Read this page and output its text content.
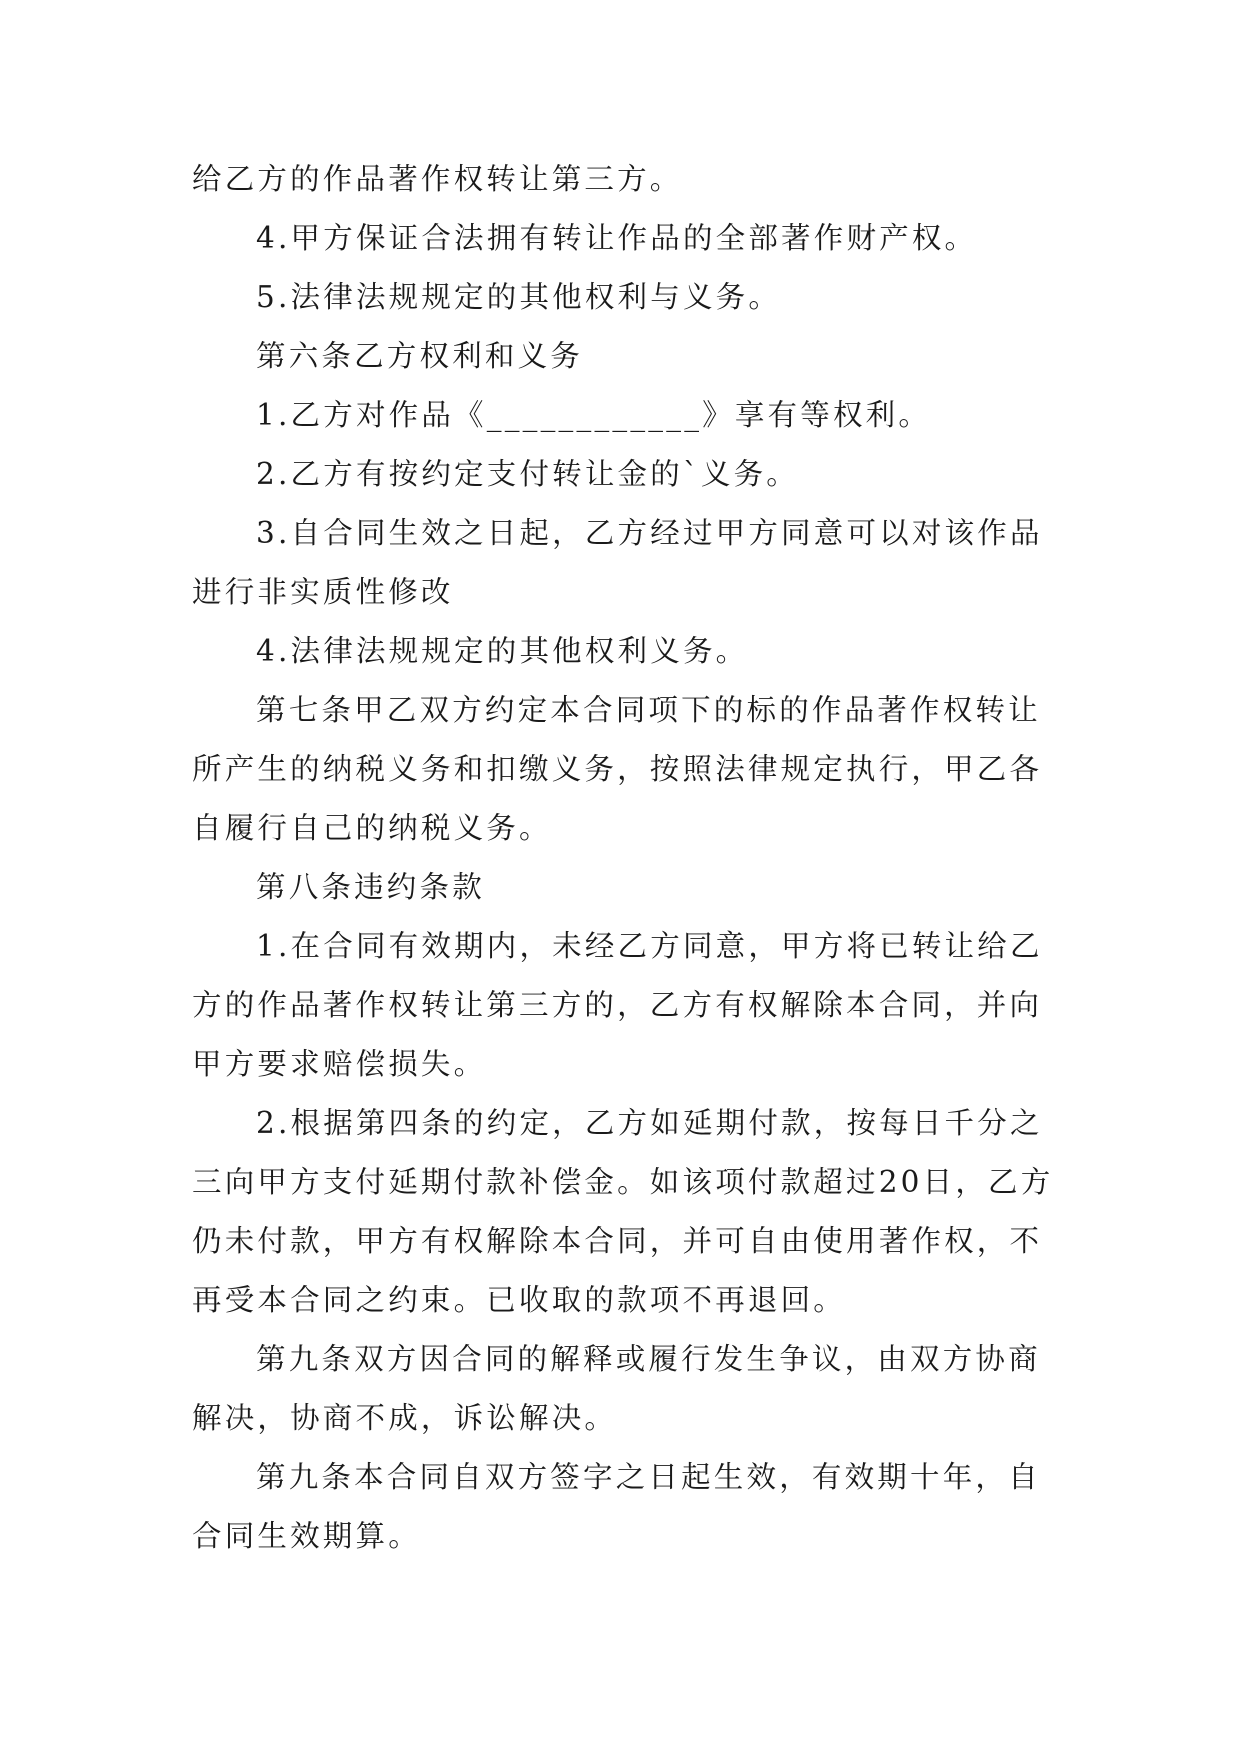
给乙方的作品著作权转让第三方。

4.甲方保证合法拥有转让作品的全部著作财产权。

5.法律法规规定的其他权利与义务。

第六条乙方权利和义务

1.乙方对作品《____________》享有等权利。

2.乙方有按约定支付转让金的`义务。

3.自合同生效之日起，乙方经过甲方同意可以对该作品进行非实质性修改

4.法律法规规定的其他权利义务。

第七条甲乙双方约定本合同项下的标的作品著作权转让所产生的纳税义务和扣缴义务，按照法律规定执行，甲乙各自履行自己的纳税义务。

第八条违约条款

1.在合同有效期内，未经乙方同意，甲方将已转让给乙方的作品著作权转让第三方的，乙方有权解除本合同，并向甲方要求赔偿损失。

2.根据第四条的约定，乙方如延期付款，按每日千分之三向甲方支付延期付款补偿金。如该项付款超过20日，乙方仍未付款，甲方有权解除本合同，并可自由使用著作权，不再受本合同之约束。已收取的款项不再退回。

第九条双方因合同的解释或履行发生争议，由双方协商解决，协商不成，诉讼解决。

第九条本合同自双方签字之日起生效，有效期十年，自合同生效期算。
